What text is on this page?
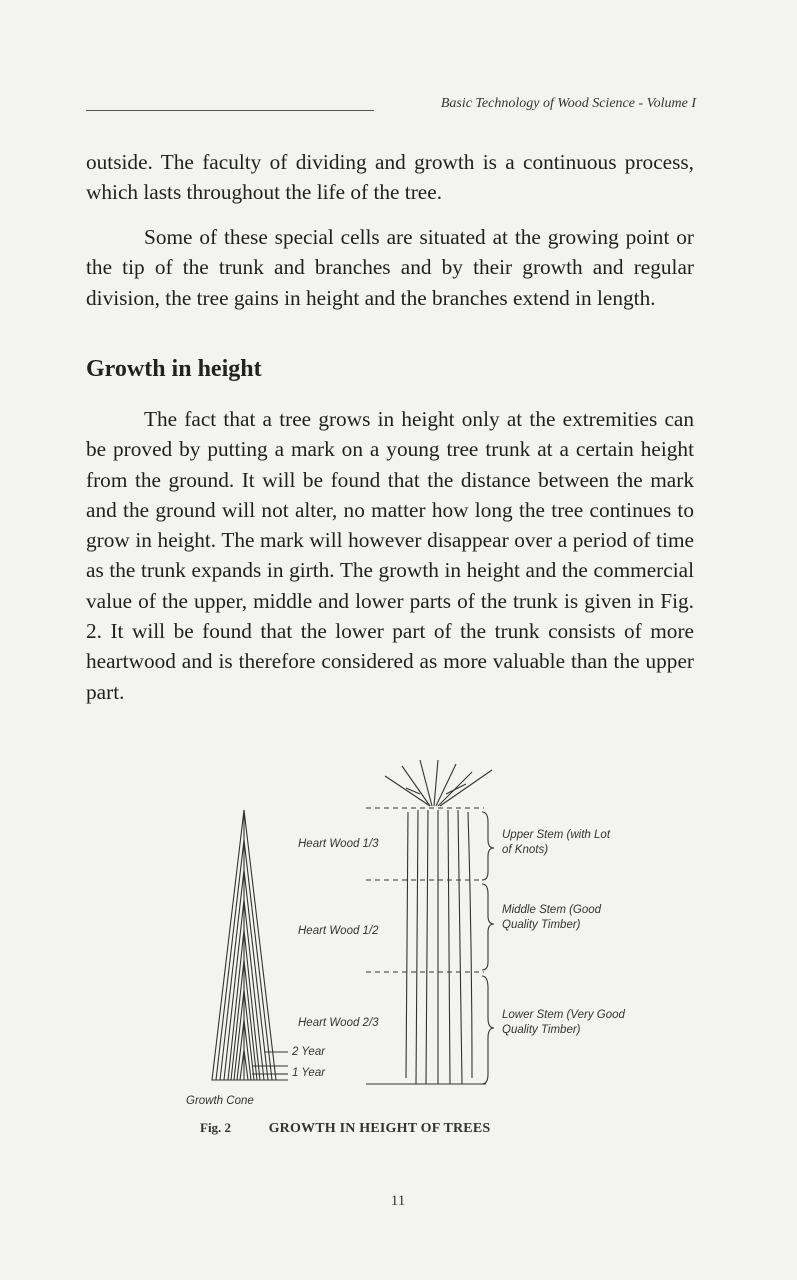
Basic Technology of Wood Science - Volume I

outside. The faculty of dividing and growth is a continuous process, which lasts throughout the life of the tree.

Some of these special cells are situated at the growing point or the tip of the trunk and branches and by their growth and regular division, the tree gains in height and the branches extend in length.

Growth in height

The fact that a tree grows in height only at the extremities can be proved by putting a mark on a young tree trunk at a certain height from the ground. It will be found that the distance between the mark and the ground will not alter, no matter how long the tree continues to grow in height. The mark will however disappear over a period of time as the trunk expands in girth. The growth in height and the commercial value of the upper, middle and lower parts of the trunk is given in Fig. 2. It will be found that the lower part of the trunk consists of more heartwood and is therefore considered as more valuable than the upper part.

Heart Wood 1/3
Heart Wood 1/2
Heart Wood 2/3
2 Year
1 Year
Growth Cone
Upper Stem (with Lot
of Knots)
Middle Stem (Good
Quality Timber)
Lower Stem (Very Good
Quality Timber)
Fig. 2	GROWTH IN HEIGHT OF TREES
11
